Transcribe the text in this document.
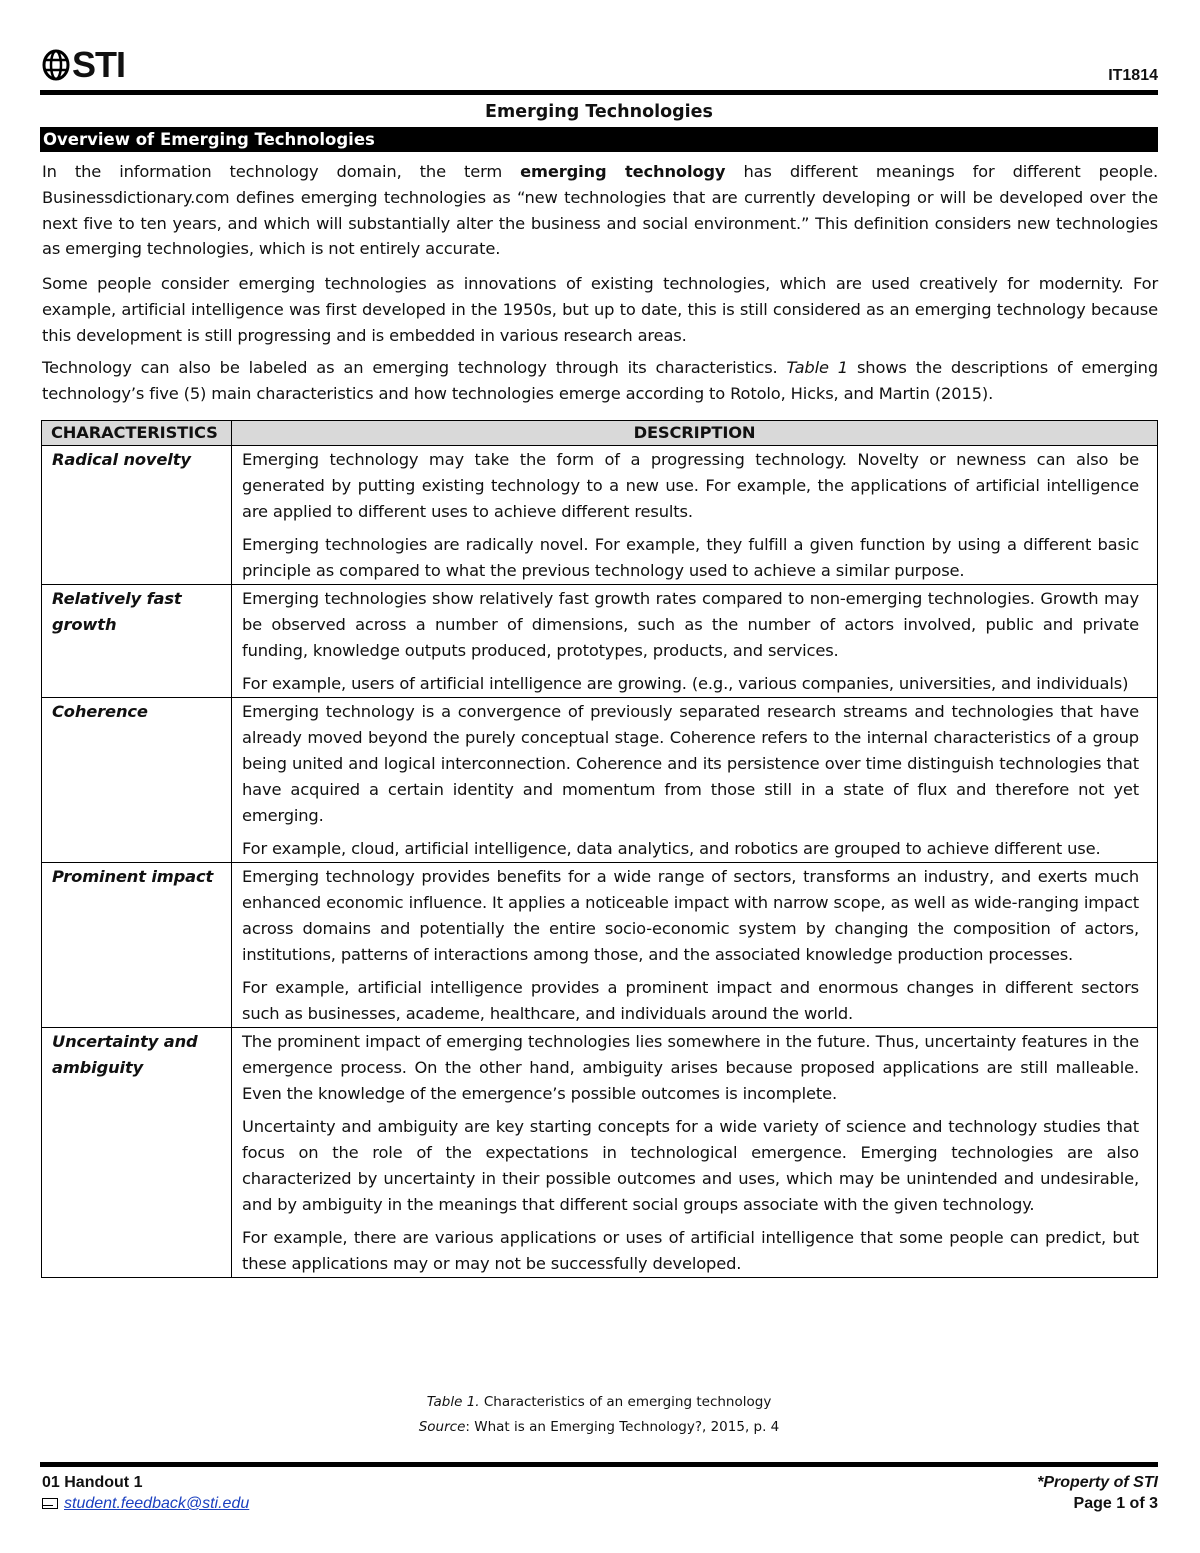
STI	IT1814
Emerging Technologies
Overview of Emerging Technologies
In the information technology domain, the term emerging technology has different meanings for different people. Businessdictionary.com defines emerging technologies as “new technologies that are currently developing or will be developed over the next five to ten years, and which will substantially alter the business and social environment.” This definition considers new technologies as emerging technologies, which is not entirely accurate.
Some people consider emerging technologies as innovations of existing technologies, which are used creatively for modernity. For example, artificial intelligence was first developed in the 1950s, but up to date, this is still considered as an emerging technology because this development is still progressing and is embedded in various research areas.
Technology can also be labeled as an emerging technology through its characteristics. Table 1 shows the descriptions of emerging technology’s five (5) main characteristics and how technologies emerge according to Rotolo, Hicks, and Martin (2015).
CHARACTERISTICS	DESCRIPTION
Radical novelty	Emerging technology may take the form of a progressing technology. Novelty or newness can also be generated by putting existing technology to a new use. For example, the applications of artificial intelligence are applied to different uses to achieve different results.

Emerging technologies are radically novel. For example, they fulfill a given function by using a different basic principle as compared to what the previous technology used to achieve a similar purpose.

Relatively fast growth	Emerging technologies show relatively fast growth rates compared to non-emerging technologies. Growth may be observed across a number of dimensions, such as the number of actors involved, public and private funding, knowledge outputs produced, prototypes, products, and services.

For example, users of artificial intelligence are growing. (e.g., various companies, universities, and individuals)

Coherence	Emerging technology is a convergence of previously separated research streams and technologies that have already moved beyond the purely conceptual stage. Coherence refers to the internal characteristics of a group being united and logical interconnection. Coherence and its persistence over time distinguish technologies that have acquired a certain identity and momentum from those still in a state of flux and therefore not yet emerging.

For example, cloud, artificial intelligence, data analytics, and robotics are grouped to achieve different use.

Prominent impact	Emerging technology provides benefits for a wide range of sectors, transforms an industry, and exerts much enhanced economic influence. It applies a noticeable impact with narrow scope, as well as wide-ranging impact across domains and potentially the entire socio-economic system by changing the composition of actors, institutions, patterns of interactions among those, and the associated knowledge production processes.

For example, artificial intelligence provides a prominent impact and enormous changes in different sectors such as businesses, academe, healthcare, and individuals around the world.

Uncertainty and ambiguity	The prominent impact of emerging technologies lies somewhere in the future. Thus, uncertainty features in the emergence process. On the other hand, ambiguity arises because proposed applications are still malleable. Even the knowledge of the emergence’s possible outcomes is incomplete.

Uncertainty and ambiguity are key starting concepts for a wide variety of science and technology studies that focus on the role of the expectations in technological emergence. Emerging technologies are also characterized by uncertainty in their possible outcomes and uses, which may be unintended and undesirable, and by ambiguity in the meanings that different social groups associate with the given technology.

For example, there are various applications or uses of artificial intelligence that some people can predict, but these applications may or may not be successfully developed.

Table 1. Characteristics of an emerging technology
Source: What is an Emerging Technology?, 2015, p. 4
01 Handout 1
student.feedback@sti.edu
*Property of STI
Page 1 of 3
